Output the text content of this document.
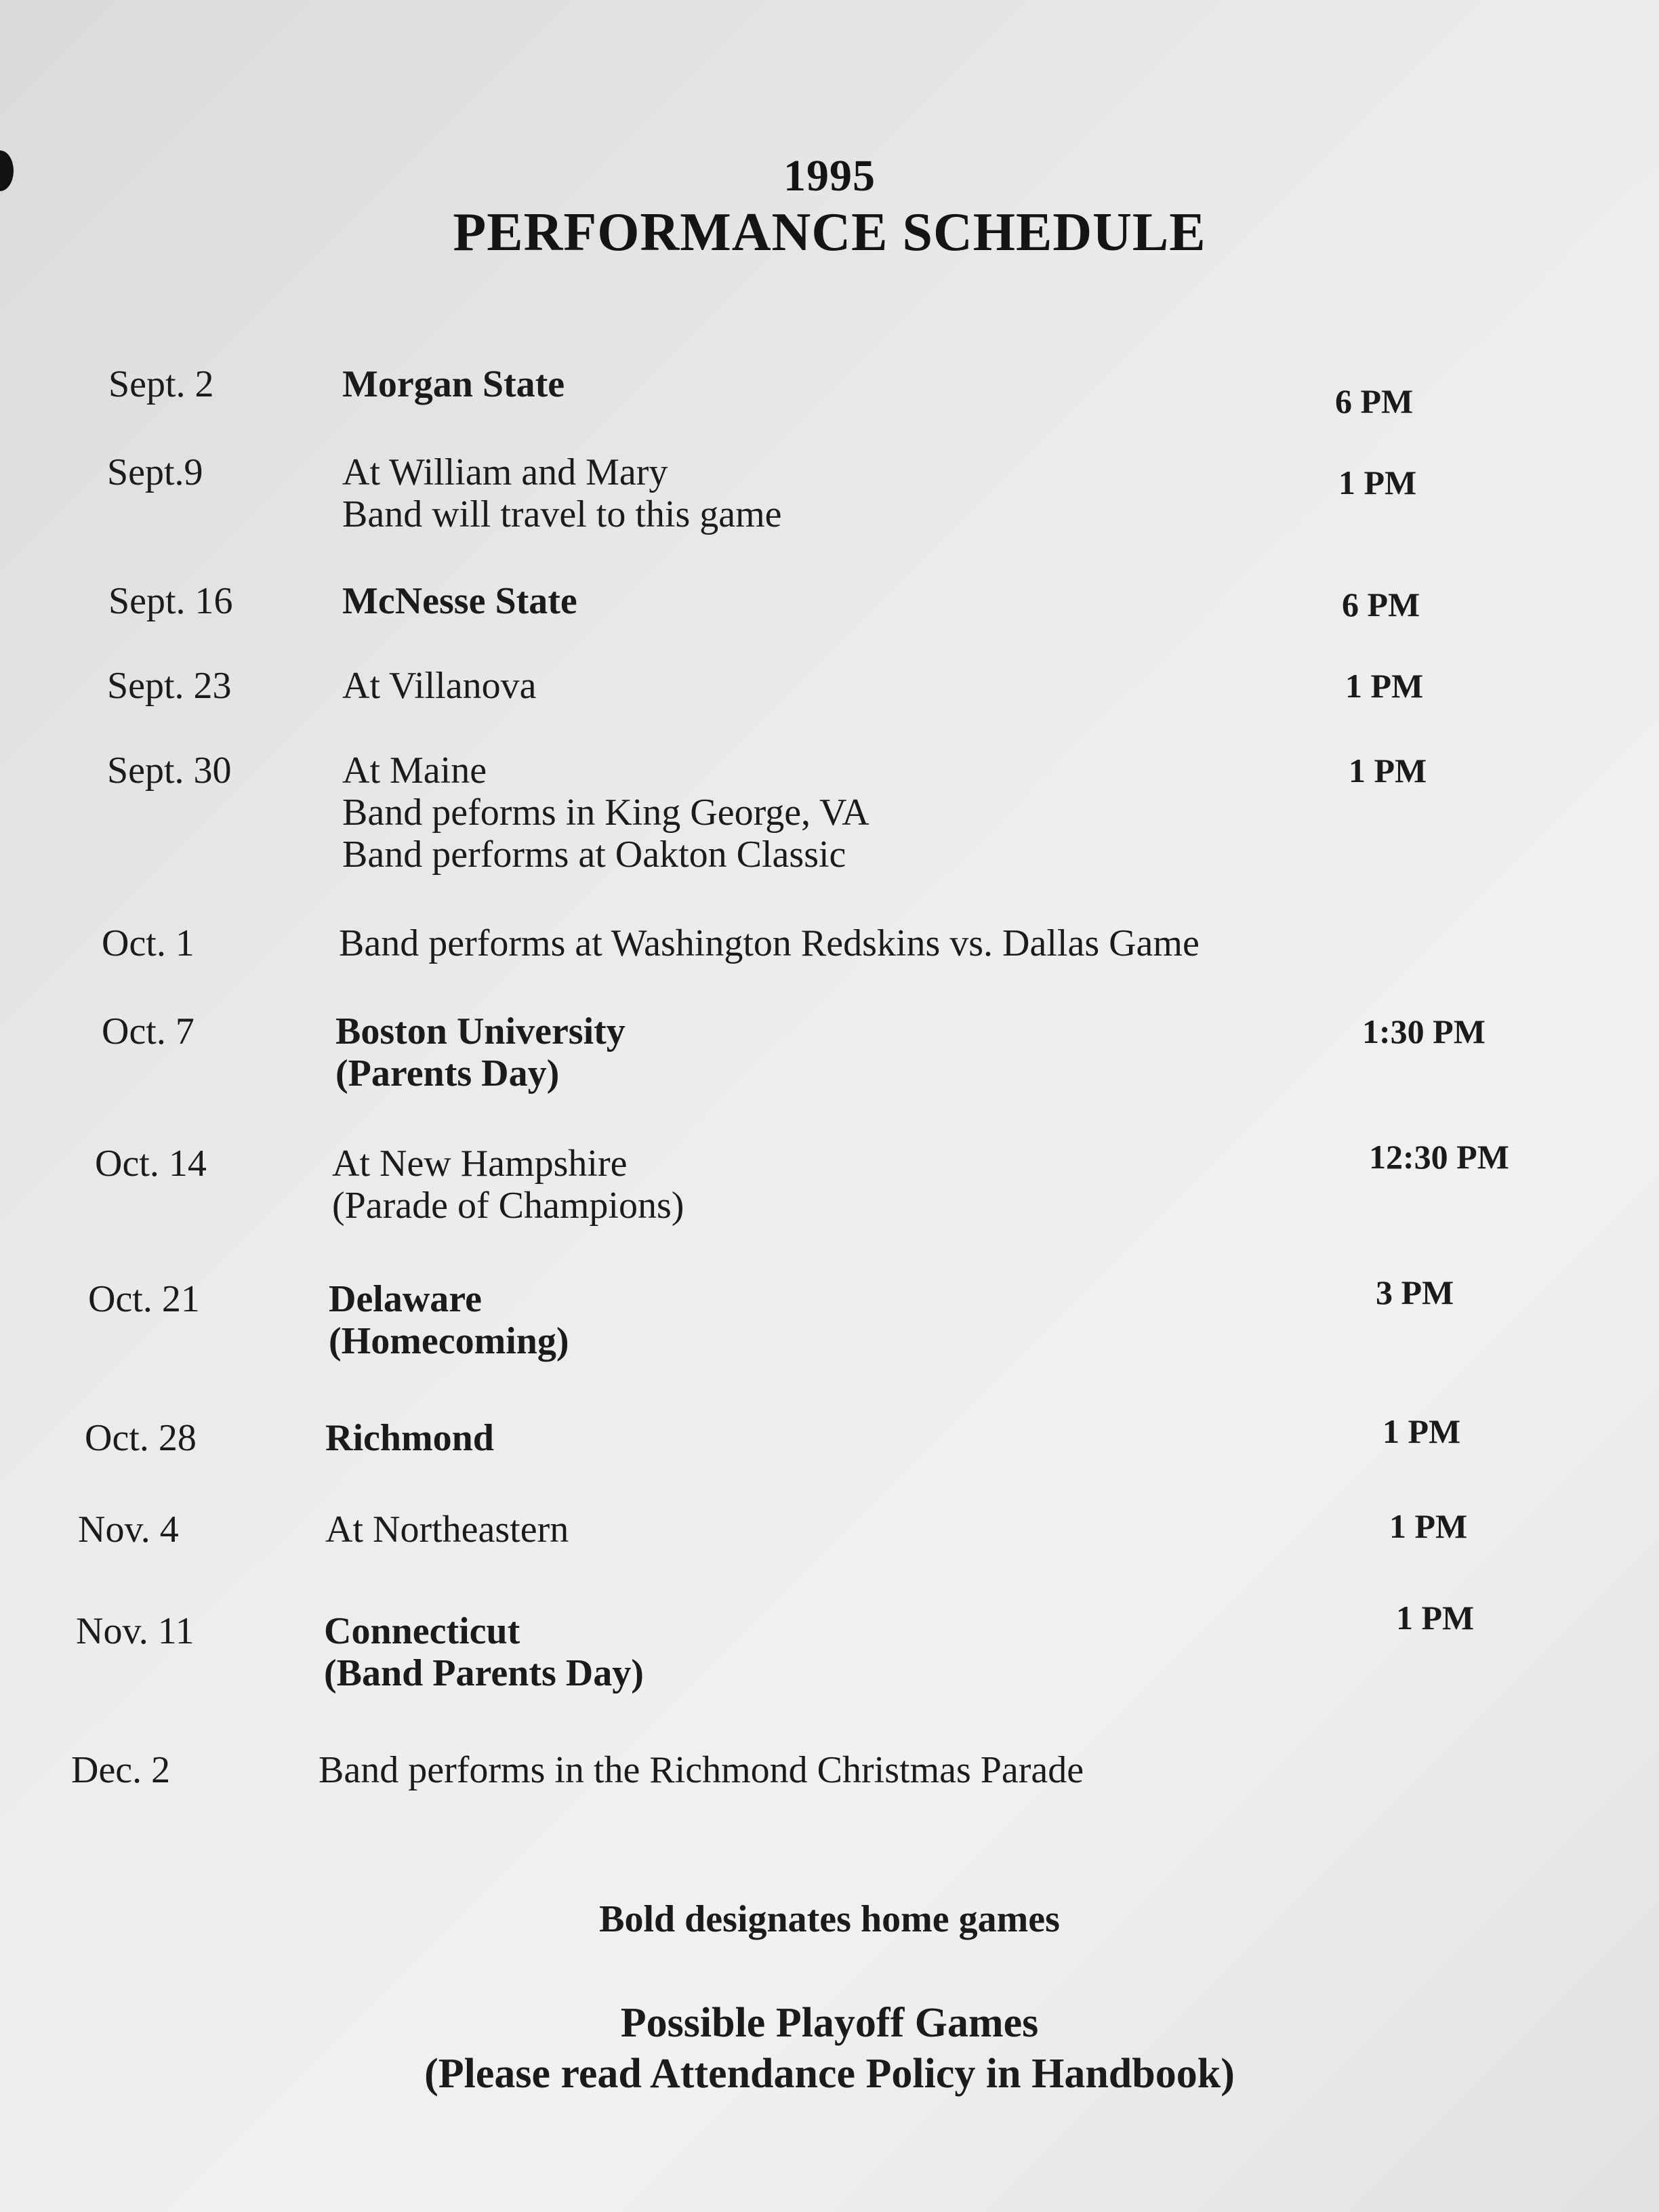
1995
PERFORMANCE SCHEDULE
Sept. 2	Morgan State	6 PM
Sept.9	At William and Mary
Band will travel to this game
1 PM
Sept. 16	McNesse State	6 PM
Sept. 23	At Villanova	1 PM
Sept. 30	At Maine
Band peforms in King George, VA
Band performs at Oakton Classic
1 PM
Oct. 1	Band performs at Washington Redskins vs. Dallas Game
Oct. 7	Boston University
(Parents Day)
1:30 PM
Oct. 14	At New Hampshire
(Parade of Champions)
12:30 PM
Oct. 21	Delaware
(Homecoming)
3 PM
Oct. 28	Richmond	1 PM
Nov. 4	At Northeastern	1 PM
Nov. 11	Connecticut
(Band Parents Day)
1 PM
Dec. 2	Band performs in the Richmond Christmas Parade
Bold designates home games
Possible Playoff Games
(Please read Attendance Policy in Handbook)
